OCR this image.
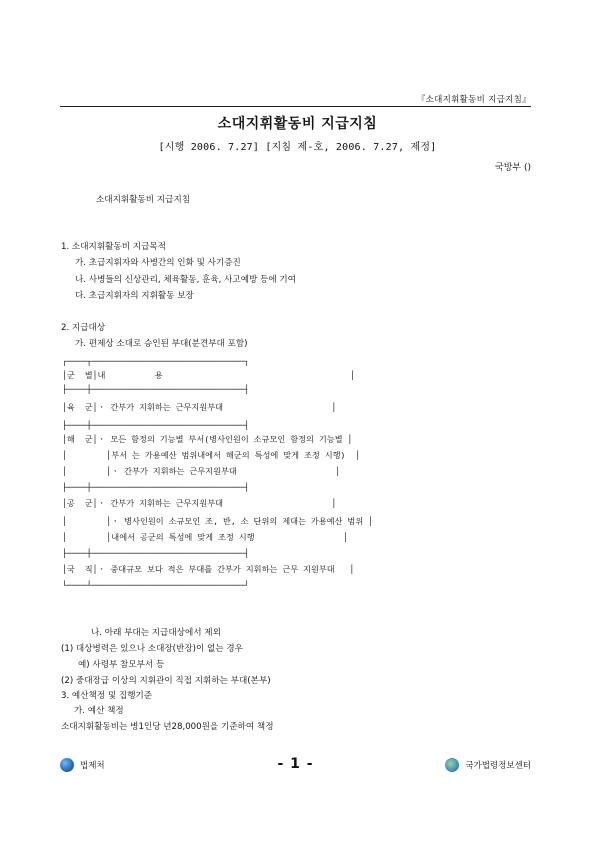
『소대지휘활동비 지급지침』
소대지휘활동비 지급지침
[시행 2006. 7.27] [지침 제-호, 2006. 7.27, 제정]
국방부 ()
소대지휘활동비 지급지침
1. 소대지휘활동비 지급목적
가. 초급지휘자와 사병간의 인화 및 사기증진
나. 사병들의 신상관리, 체육활동, 훈육, 사고예방 등에 기여
다. 초급지휘자의 지휘활동 보장
2. 지급대상
가. 편제상 소대로 승인된 부대(분견부대 포함)
┌────┬───────────────────────────────┐
│군  별│내          용                                      │
├────┼───────────────────────────────┤
│육  군│ㆍ 간부가 지휘하는 근무지원부대                      │
├────┼───────────────────────────────┤
│해  군│ㆍ 모든 함정의 기능별 부서(병사인원이 소규모인 함정의 기능별 │
│        │부서 는 가용예산 범위내에서 해군의 특성에 맞게 조정 시행)  │
│        │ㆍ 간부가 지휘하는 근무지원부대                    │
├────┼───────────────────────────────┤
│공  군│ㆍ 간부가 지휘하는 근무지원부대                      │
│        │ㆍ 병사인원이 소규모인 조, 반, 소 단위의 제대는 가용예산 범위 │
│        │내에서 공군의 특성에 맞게 조정 시행                  │
├────┼───────────────────────────────┤
│국  직│ㆍ 중대규모 보다 적은 부대를 간부가 지휘하는 근무 지원부대   │
└────┴───────────────────────────────┘
나. 아래 부대는 지급대상에서 제외
(1) 대상병력은 있으나 소대장(반장)이 없는 경우
예) 사령부 참모부서 등
(2) 중대장급 이상의 지휘관이 직접 지휘하는 부대(본부)
3. 예산책정 및 집행기준
가. 예산 책정
소대지휘활동비는 병1인당 년28,000원을 기준하여 책정
법제처	- 1 -	국가법령정보센터
